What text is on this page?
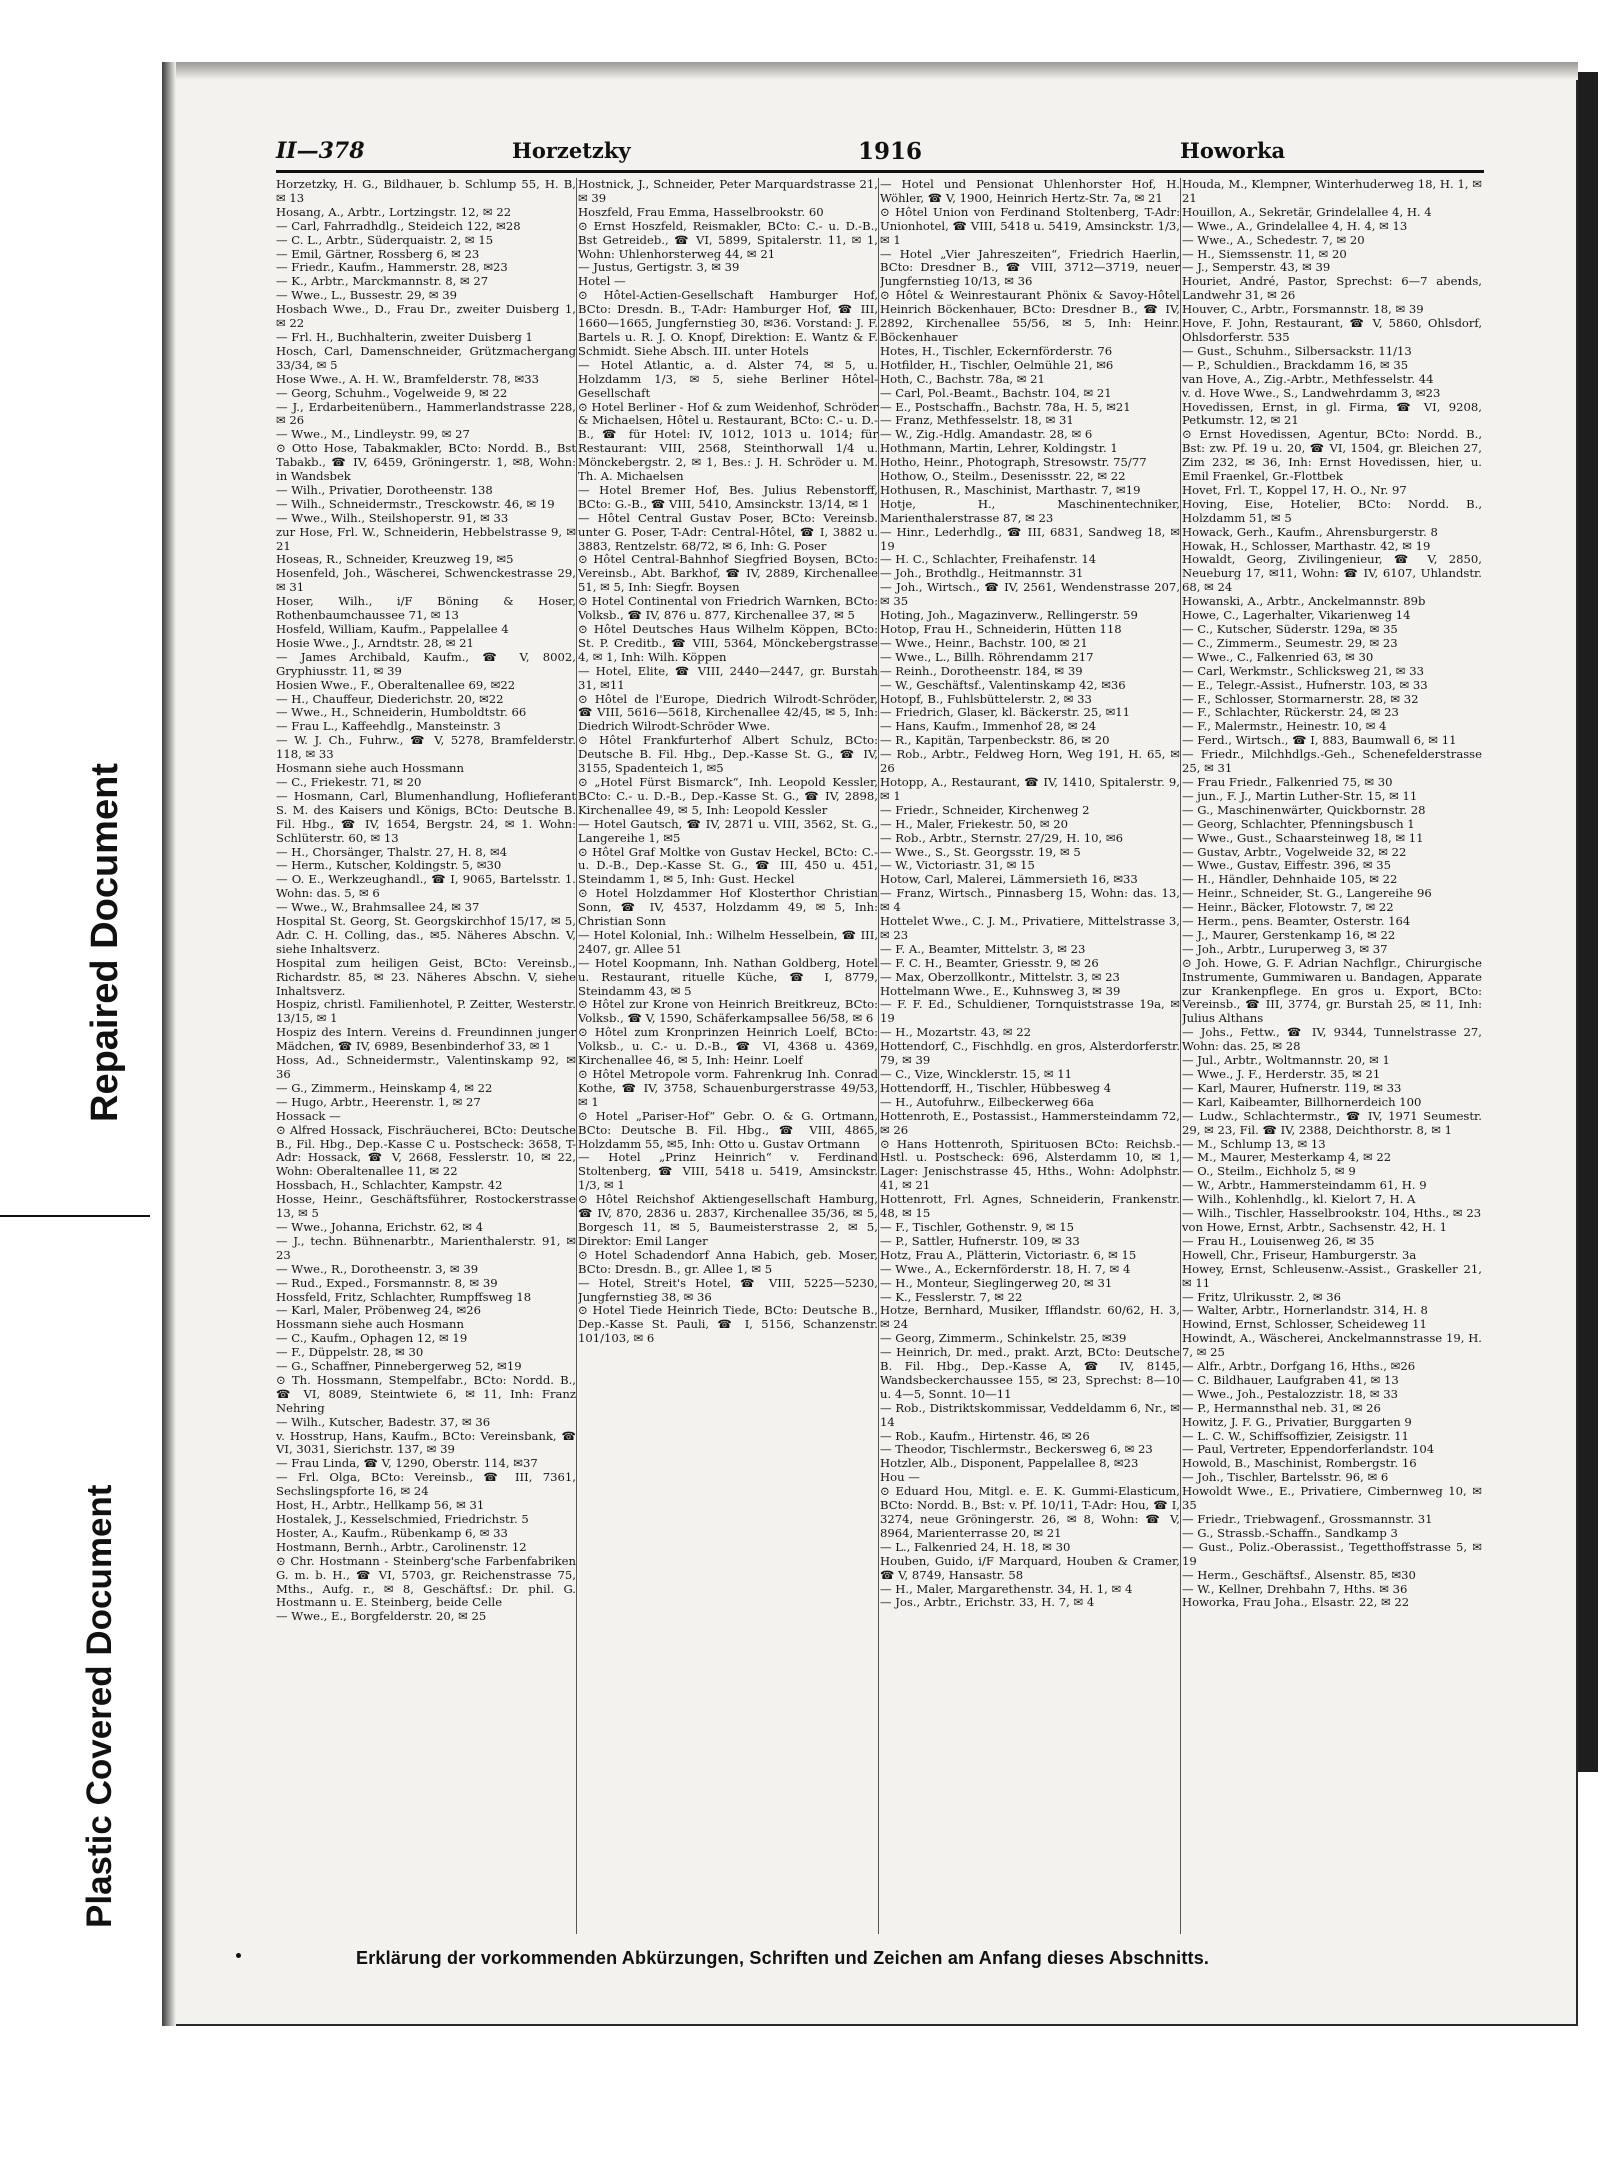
Repaired Document
Plastic Covered Document
II—378	Horzetzky	1916	Howorka
Horzetzky, H. G., Bildhauer, b. Schlump 55, H. B, ✉ 13
Hosang, A., Arbtr., Lortzingstr. 12, ✉ 22
— Carl, Fahrradhdlg., Steideich 122, ✉28
— C. L., Arbtr., Süderquaistr. 2, ✉ 15
— Emil, Gärtner, Rossberg 6, ✉ 23
— Friedr., Kaufm., Hammerstr. 28, ✉23
— K., Arbtr., Marckmannstr. 8, ✉ 27
— Wwe., L., Bussestr. 29, ✉ 39
Hosbach Wwe., D., Frau Dr., zweiter Duisberg 1, ✉ 22
— Frl. H., Buchhalterin, zweiter Duisberg 1
Hosch, Carl, Damenschneider, Grützmachergang 33/34, ✉ 5
Hose Wwe., A. H. W., Bramfelderstr. 78, ✉33
— Georg, Schuhm., Vogelweide 9, ✉ 22
— J., Erdarbeitenübern., Hammerlandstrasse 228, ✉ 26
— Wwe., M., Lindleystr. 99, ✉ 27
⊙ Otto Hose, Tabakmakler, BCto: Nordd. B., Bst Tabakb., ☎ IV, 6459, Gröningerstr. 1, ✉8, Wohn: in Wandsbek
— Wilh., Privatier, Dorotheenstr. 138
— Wilh., Schneidermstr., Tresckowstr. 46, ✉ 19
— Wwe., Wilh., Steilshoperstr. 91, ✉ 33
zur Hose, Frl. W., Schneiderin, Hebbelstrasse 9, ✉ 21
Hoseas, R., Schneider, Kreuzweg 19, ✉5
Hosenfeld, Joh., Wäscherei, Schwenckestrasse 29, ✉ 31
Hoser, Wilh., i/F Böning & Hoser, Rothenbaumchaussee 71, ✉ 13
Hosfeld, William, Kaufm., Pappelallee 4
Hosie Wwe., J., Arndtstr. 28, ✉ 21
— James Archibald, Kaufm., ☎ V, 8002, Gryphiusstr. 11, ✉ 39
Hosien Wwe., F., Oberaltenallee 69, ✉22
— H., Chauffeur, Diederichstr. 20, ✉22
— Wwe., H., Schneiderin, Humboldtstr. 66
— Frau L., Kaffeehdlg., Mansteinstr. 3
— W. J. Ch., Fuhrw., ☎ V, 5278, Bramfelderstr. 118, ✉ 33
Hosmann siehe auch Hossmann
— C., Friekestr. 71, ✉ 20
— Hosmann, Carl, Blumenhandlung, Hoflieferant S. M. des Kaisers und Königs, BCto: Deutsche B. Fil. Hbg., ☎ IV, 1654, Bergstr. 24, ✉ 1. Wohn: Schlüterstr. 60, ✉ 13
— H., Chorsänger, Thalstr. 27, H. 8, ✉4
— Herm., Kutscher, Koldingstr. 5, ✉30
— O. E., Werkzeughandl., ☎ I, 9065, Bartelsstr. 1. Wohn: das. 5, ✉ 6
— Wwe., W., Brahmsallee 24, ✉ 37
Hospital St. Georg, St. Georgskirchhof 15/17, ✉ 5, Adr. C. H. Colling, das., ✉5. Näheres Abschn. V, siehe Inhaltsverz.
Hospital zum heiligen Geist, BCto: Vereinsb., Richardstr. 85, ✉ 23. Näheres Abschn. V, siehe Inhaltsverz.
Hospiz, christl. Familienhotel, P. Zeitter, Westerstr. 13/15, ✉ 1
Hospiz des Intern. Vereins d. Freundinnen junger Mädchen, ☎ IV, 6989, Besenbinderhof 33, ✉ 1
Hoss, Ad., Schneidermstr., Valentinskamp 92, ✉ 36
— G., Zimmerm., Heinskamp 4, ✉ 22
— Hugo, Arbtr., Heerenstr. 1, ✉ 27
Hossack —
⊙ Alfred Hossack, Fischräucherei, BCto: Deutsche B., Fil. Hbg., Dep.-Kasse C u. Postscheck: 3658, T-Adr: Hossack, ☎ V, 2668, Fesslerstr. 10, ✉ 22, Wohn: Oberaltenallee 11, ✉ 22
Hossbach, H., Schlachter, Kampstr. 42
Hosse, Heinr., Geschäftsführer, Rostockerstrasse 13, ✉ 5
— Wwe., Johanna, Erichstr. 62, ✉ 4
— J., techn. Bühnenarbtr., Marienthalerstr. 91, ✉ 23
— Wwe., R., Dorotheenstr. 3, ✉ 39
— Rud., Exped., Forsmannstr. 8, ✉ 39
Hossfeld, Fritz, Schlachter, Rumpffsweg 18
— Karl, Maler, Pröbenweg 24, ✉26
Hossmann siehe auch Hosmann
— C., Kaufm., Ophagen 12, ✉ 19
— F., Düppelstr. 28, ✉ 30
— G., Schaffner, Pinnebergerweg 52, ✉19
⊙ Th. Hossmann, Stempelfabr., BCto: Nordd. B., ☎ VI, 8089, Steintwiete 6, ✉ 11, Inh: Franz Nehring
— Wilh., Kutscher, Badestr. 37, ✉ 36
v. Hosstrup, Hans, Kaufm., BCto: Vereinsbank, ☎ VI, 3031, Sierichstr. 137, ✉ 39
— Frau Linda, ☎ V, 1290, Oberstr. 114, ✉37
— Frl. Olga, BCto: Vereinsb., ☎ III, 7361, Sechslingspforte 16, ✉ 24
Host, H., Arbtr., Hellkamp 56, ✉ 31
Hostalek, J., Kesselschmied, Friedrichstr. 5
Hoster, A., Kaufm., Rübenkamp 6, ✉ 33
Hostmann, Bernh., Arbtr., Carolinenstr. 12
⊙ Chr. Hostmann - Steinberg'sche Farbenfabriken G. m. b. H., ☎ VI, 5703, gr. Reichenstrasse 75, Mths., Aufg. r., ✉ 8, Geschäftsf.: Dr. phil. G. Hostmann u. E. Steinberg, beide Celle
— Wwe., E., Borgfelderstr. 20, ✉ 25
Hostnick, J., Schneider, Peter Marquardstrasse 21, ✉ 39
Hoszfeld, Frau Emma, Hasselbrookstr. 60
⊙ Ernst Hoszfeld, Reismakler, BCto: C.- u. D.-B., Bst Getreideb., ☎ VI, 5899, Spitalerstr. 11, ✉ 1, Wohn: Uhlenhorsterweg 44, ✉ 21
— Justus, Gertigstr. 3, ✉ 39
Hotel —
⊙ Hôtel-Actien-Gesellschaft Hamburger Hof, BCto: Dresdn. B., T-Adr: Hamburger Hof, ☎ III, 1660—1665, Jungfernstieg 30, ✉36. Vorstand: J. F. Bartels u. R. J. O. Knopf, Direktion: E. Wantz & F. Schmidt. Siehe Absch. III. unter Hotels
— Hotel Atlantic, a. d. Alster 74, ✉ 5, u. Holzdamm 1/3, ✉ 5, siehe Berliner Hôtel-Gesellschaft
⊙ Hotel Berliner - Hof & zum Weidenhof, Schröder & Michaelsen, Hôtel u. Restaurant, BCto: C.- u. D.-B., ☎ für Hotel: IV, 1012, 1013 u. 1014; für Restaurant: VIII, 2568, Steinthorwall 1/4 u. Mönckebergstr. 2, ✉ 1, Bes.: J. H. Schröder u. M. Th. A. Michaelsen
— Hotel Bremer Hof, Bes. Julius Rebenstorff, BCto: G.-B., ☎ VIII, 5410, Amsinckstr. 13/14, ✉ 1
— Hôtel Central Gustav Poser, BCto: Vereinsb. unter G. Poser, T-Adr: Central-Hôtel, ☎ I, 3882 u. 3883, Rentzelstr. 68/72, ✉ 6, Inh: G. Poser
⊙ Hôtel Central-Bahnhof Siegfried Boysen, BCto: Vereinsb., Abt. Barkhof, ☎ IV, 2889, Kirchenallee 51, ✉ 5, Inh: Siegfr. Boysen
⊙ Hotel Continental von Friedrich Warnken, BCto: Volksb., ☎ IV, 876 u. 877, Kirchenallee 37, ✉ 5
⊙ Hôtel Deutsches Haus Wilhelm Köppen, BCto: St. P. Creditb., ☎ VIII, 5364, Mönckebergstrasse 4, ✉ 1, Inh: Wilh. Köppen
— Hotel, Elite, ☎ VIII, 2440—2447, gr. Burstah 31, ✉11
⊙ Hôtel de l'Europe, Diedrich Wilrodt-Schröder, ☎ VIII, 5616—5618, Kirchenallee 42/45, ✉ 5, Inh: Diedrich Wilrodt-Schröder Wwe.
⊙ Hôtel Frankfurterhof Albert Schulz, BCto: Deutsche B. Fil. Hbg., Dep.-Kasse St. G., ☎ IV, 3155, Spadenteich 1, ✉5
⊙ „Hotel Fürst Bismarck“, Inh. Leopold Kessler, BCto: C.- u. D.-B., Dep.-Kasse St. G., ☎ IV, 2898, Kirchenallee 49, ✉ 5, Inh: Leopold Kessler
— Hotel Gautsch, ☎ IV, 2871 u. VIII, 3562, St. G., Langereihe 1, ✉5
⊙ Hôtel Graf Moltke von Gustav Heckel, BCto: C.- u. D.-B., Dep.-Kasse St. G., ☎ III, 450 u. 451, Steindamm 1, ✉ 5, Inh: Gust. Heckel
⊙ Hotel Holzdammer Hof Klosterthor Christian Sonn, ☎ IV, 4537, Holzdamm 49, ✉ 5, Inh: Christian Sonn
— Hotel Kolonial, Inh.: Wilhelm Hesselbein, ☎ III, 2407, gr. Allee 51
— Hotel Koopmann, Inh. Nathan Goldberg, Hotel u. Restaurant, rituelle Küche, ☎ I, 8779, Steindamm 43, ✉ 5
⊙ Hôtel zur Krone von Heinrich Breitkreuz, BCto: Volksb., ☎ V, 1590, Schäferkampsallee 56/58, ✉ 6
⊙ Hôtel zum Kronprinzen Heinrich Loelf, BCto: Volksb., u. C.- u. D.-B., ☎ VI, 4368 u. 4369, Kirchenallee 46, ✉ 5, Inh: Heinr. Loelf
⊙ Hôtel Metropole vorm. Fahrenkrug Inh. Conrad Kothe, ☎ IV, 3758, Schauenburgerstrasse 49/53, ✉ 1
⊙ Hotel „Pariser-Hof“ Gebr. O. & G. Ortmann, BCto: Deutsche B. Fil. Hbg., ☎ VIII, 4865, Holzdamm 55, ✉5, Inh: Otto u. Gustav Ortmann
— Hotel „Prinz Heinrich“ v. Ferdinand Stoltenberg, ☎ VIII, 5418 u. 5419, Amsinckstr. 1/3, ✉ 1
⊙ Hôtel Reichshof Aktiengesellschaft Hamburg, ☎ IV, 870, 2836 u. 2837, Kirchenallee 35/36, ✉ 5, Borgesch 11, ✉ 5, Baumeisterstrasse 2, ✉ 5, Direktor: Emil Langer
⊙ Hotel Schadendorf Anna Habich, geb. Moser, BCto: Dresdn. B., gr. Allee 1, ✉ 5
— Hotel, Streit's Hotel, ☎ VIII, 5225—5230, Jungfernstieg 38, ✉ 36
⊙ Hotel Tiede Heinrich Tiede, BCto: Deutsche B., Dep.-Kasse St. Pauli, ☎ I, 5156, Schanzenstr. 101/103, ✉ 6
— Hotel und Pensionat Uhlenhorster Hof, H. Wöhler, ☎ V, 1900, Heinrich Hertz-Str. 7a, ✉ 21
⊙ Hôtel Union von Ferdinand Stoltenberg, T-Adr: Unionhotel, ☎ VIII, 5418 u. 5419, Amsinckstr. 1/3, ✉ 1
— Hotel „Vier Jahreszeiten“, Friedrich Haerlin, BCto: Dresdner B., ☎ VIII, 3712—3719, neuer Jungfernstieg 10/13, ✉ 36
⊙ Hôtel & Weinrestaurant Phönix & Savoy-Hôtel Heinrich Böckenhauer, BCto: Dresdner B., ☎ IV, 2892, Kirchenallee 55/56, ✉ 5, Inh: Heinr. Böckenhauer
Hotes, H., Tischler, Eckernförderstr. 76
Hotfilder, H., Tischler, Oelmühle 21, ✉6
Hoth, C., Bachstr. 78a, ✉ 21
— Carl, Pol.-Beamt., Bachstr. 104, ✉ 21
— E., Postschaffn., Bachstr. 78a, H. 5, ✉21
— Franz, Methfesselstr. 18, ✉ 31
— W., Zig.-Hdlg. Amandastr. 28, ✉ 6
Hothmann, Martin, Lehrer, Koldingstr. 1
Hotho, Heinr., Photograph, Stresowstr. 75/77
Hothow, O., Steilm., Desenissstr. 22, ✉ 22
Hothusen, R., Maschinist, Marthastr. 7, ✉19
Hotje, H., Maschinentechniker, Marienthalerstrasse 87, ✉ 23
— Hinr., Lederhdlg., ☎ III, 6831, Sandweg 18, ✉ 19
— H. C., Schlachter, Freihafenstr. 14
— Joh., Brothdlg., Heitmannstr. 31
— Joh., Wirtsch., ☎ IV, 2561, Wendenstrasse 207, ✉ 35
Hoting, Joh., Magazinverw., Rellingerstr. 59
Hotop, Frau H., Schneiderin, Hütten 118
— Wwe., Heinr., Bachstr. 100, ✉ 21
— Wwe., L., Billh. Röhrendamm 217
— Reinh., Dorotheenstr. 184, ✉ 39
— W., Geschäftsf., Valentinskamp 42, ✉36
Hotopf, B., Fuhlsbüttelerstr. 2, ✉ 33
— Friedrich, Glaser, kl. Bäckerstr. 25, ✉11
— Hans, Kaufm., Immenhof 28, ✉ 24
— R., Kapitän, Tarpenbeckstr. 86, ✉ 20
— Rob., Arbtr., Feldweg Horn, Weg 191, H. 65, ✉ 26
Hotopp, A., Restaurant, ☎ IV, 1410, Spitalerstr. 9, ✉ 1
— Friedr., Schneider, Kirchenweg 2
— H., Maler, Friekestr. 50, ✉ 20
— Rob., Arbtr., Sternstr. 27/29, H. 10, ✉6
— Wwe., S., St. Georgsstr. 19, ✉ 5
— W., Victoriastr. 31, ✉ 15
Hotow, Carl, Malerei, Lämmersieth 16, ✉33
— Franz, Wirtsch., Pinnasberg 15, Wohn: das. 13, ✉ 4
Hottelet Wwe., C. J. M., Privatiere, Mittelstrasse 3, ✉ 23
— F. A., Beamter, Mittelstr. 3, ✉ 23
— F. C. H., Beamter, Griesstr. 9, ✉ 26
— Max, Oberzollkontr., Mittelstr. 3, ✉ 23
Hottelmann Wwe., E., Kuhnsweg 3, ✉ 39
— F. F. Ed., Schuldiener, Tornquiststrasse 19a, ✉ 19
— H., Mozartstr. 43, ✉ 22
Hottendorf, C., Fischhdlg. en gros, Alsterdorferstr. 79, ✉ 39
— C., Vize, Wincklerstr. 15, ✉ 11
Hottendorff, H., Tischler, Hübbesweg 4
— H., Autofuhrw., Eilbeckerweg 66a
Hottenroth, E., Postassist., Hammersteindamm 72, ✉ 26
⊙ Hans Hottenroth, Spirituosen BCto: Reichsb.-Hstl. u. Postscheck: 696, Alsterdamm 10, ✉ 1, Lager: Jenischstrasse 45, Hths., Wohn: Adolphstr. 41, ✉ 21
Hottenrott, Frl. Agnes, Schneiderin, Frankenstr. 48, ✉ 15
— F., Tischler, Gothenstr. 9, ✉ 15
— P., Sattler, Hufnerstr. 109, ✉ 33
Hotz, Frau A., Plätterin, Victoriastr. 6, ✉ 15
— Wwe., A., Eckernförderstr. 18, H. 7, ✉ 4
— H., Monteur, Sieglingerweg 20, ✉ 31
— K., Fesslerstr. 7, ✉ 22
Hotze, Bernhard, Musiker, Ifflandstr. 60/62, H. 3, ✉ 24
— Georg, Zimmerm., Schinkelstr. 25, ✉39
— Heinrich, Dr. med., prakt. Arzt, BCto: Deutsche B. Fil. Hbg., Dep.-Kasse A, ☎ IV, 8145, Wandsbeckerchaussee 155, ✉ 23, Sprechst: 8—10 u. 4—5, Sonnt. 10—11
— Rob., Distriktskommissar, Veddeldamm 6, Nr., ✉ 14
— Rob., Kaufm., Hirtenstr. 46, ✉ 26
— Theodor, Tischlermstr., Beckersweg 6, ✉ 23
Hotzler, Alb., Disponent, Pappelallee 8, ✉23
Hou —
⊙ Eduard Hou, Mitgl. e. E. K. Gummi-Elasticum, BCto: Nordd. B., Bst: v. Pf. 10/11, T-Adr: Hou, ☎ I, 3274, neue Gröningerstr. 26, ✉ 8, Wohn: ☎ V, 8964, Marienterrasse 20, ✉ 21
— L., Falkenried 24, H. 18, ✉ 30
Houben, Guido, i/F Marquard, Houben & Cramer, ☎ V, 8749, Hansastr. 58
— H., Maler, Margarethenstr. 34, H. 1, ✉ 4
— Jos., Arbtr., Erichstr. 33, H. 7, ✉ 4
Houda, M., Klempner, Winterhuderweg 18, H. 1, ✉ 21
Houillon, A., Sekretär, Grindelallee 4, H. 4
— Wwe., A., Grindelallee 4, H. 4, ✉ 13
— Wwe., A., Schedestr. 7, ✉ 20
— H., Siemssenstr. 11, ✉ 20
— J., Semperstr. 43, ✉ 39
Houriet, André, Pastor, Sprechst: 6—7 abends, Landwehr 31, ✉ 26
Houver, C., Arbtr., Forsmannstr. 18, ✉ 39
Hove, F. John, Restaurant, ☎ V, 5860, Ohlsdorf, Ohlsdorferstr. 535
— Gust., Schuhm., Silbersackstr. 11/13
— P., Schuldien., Brackdamm 16, ✉ 35
van Hove, A., Zig.-Arbtr., Methfesselstr. 44
v. d. Hove Wwe., S., Landwehrdamm 3, ✉23
Hovedissen, Ernst, in gl. Firma, ☎ VI, 9208, Petkumstr. 12, ✉ 21
⊙ Ernst Hovedissen, Agentur, BCto: Nordd. B., Bst: zw. Pf. 19 u. 20, ☎ VI, 1504, gr. Bleichen 27, Zim 232, ✉ 36, Inh: Ernst Hovedissen, hier, u. Emil Fraenkel, Gr.-Flottbek
Hovet, Frl. T., Koppel 17, H. O., Nr. 97
Hoving, Eise, Hotelier, BCto: Nordd. B., Holzdamm 51, ✉ 5
Howack, Gerh., Kaufm., Ahrensburgerstr. 8
Howak, H., Schlosser, Marthastr. 42, ✉ 19
Howaldt, Georg, Zivilingenieur, ☎ V, 2850, Neueburg 17, ✉11, Wohn: ☎ IV, 6107, Uhlandstr. 68, ✉ 24
Howanski, A., Arbtr., Anckelmannstr. 89b
Howe, C., Lagerhalter, Vikarienweg 14
— C., Kutscher, Süderstr. 129a, ✉ 35
— C., Zimmerm., Seumestr. 29, ✉ 23
— Wwe., C., Falkenried 63, ✉ 30
— Carl, Werkmstr., Schlicksweg 21, ✉ 33
— E., Telegr.-Assist., Hufnerstr. 103, ✉ 33
— F., Schlosser, Stormarnerstr. 28, ✉ 32
— F., Schlachter, Rückerstr. 24, ✉ 23
— F., Malermstr., Heinestr. 10, ✉ 4
— Ferd., Wirtsch., ☎ I, 883, Baumwall 6, ✉ 11
— Friedr., Milchhdlgs.-Geh., Schenefelderstrasse 25, ✉ 31
— Frau Friedr., Falkenried 75, ✉ 30
— jun., F. J., Martin Luther-Str. 15, ✉ 11
— G., Maschinenwärter, Quickbornstr. 28
— Georg, Schlachter, Pfenningsbusch 1
— Wwe., Gust., Schaarsteinweg 18, ✉ 11
— Gustav, Arbtr., Vogelweide 32, ✉ 22
— Wwe., Gustav, Eiffestr. 396, ✉ 35
— H., Händler, Dehnhaide 105, ✉ 22
— Heinr., Schneider, St. G., Langereihe 96
— Heinr., Bäcker, Flotowstr. 7, ✉ 22
— Herm., pens. Beamter, Osterstr. 164
— J., Maurer, Gerstenkamp 16, ✉ 22
— Joh., Arbtr., Luruperweg 3, ✉ 37
⊙ Joh. Howe, G. F. Adrian Nachflgr., Chirurgische Instrumente, Gummiwaren u. Bandagen, Apparate zur Krankenpflege. En gros u. Export, BCto: Vereinsb., ☎ III, 3774, gr. Burstah 25, ✉ 11, Inh: Julius Althans
— Johs., Fettw., ☎ IV, 9344, Tunnelstrasse 27, Wohn: das. 25, ✉ 28
— Jul., Arbtr., Woltmannstr. 20, ✉ 1
— Wwe., J. F., Herderstr. 35, ✉ 21
— Karl, Maurer, Hufnerstr. 119, ✉ 33
— Karl, Kaibeamter, Billhornerdeich 100
— Ludw., Schlachtermstr., ☎ IV, 1971 Seumestr. 29, ✉ 23, Fil. ☎ IV, 2388, Deichthorstr. 8, ✉ 1
— M., Schlump 13, ✉ 13
— M., Maurer, Mesterkamp 4, ✉ 22
— O., Steilm., Eichholz 5, ✉ 9
— W., Arbtr., Hammersteindamm 61, H. 9
— Wilh., Kohlenhdlg., kl. Kielort 7, H. A
— Wilh., Tischler, Hasselbrookstr. 104, Hths., ✉ 23
von Howe, Ernst, Arbtr., Sachsenstr. 42, H. 1
— Frau H., Louisenweg 26, ✉ 35
Howell, Chr., Friseur, Hamburgerstr. 3a
Howey, Ernst, Schleusenw.-Assist., Graskeller 21, ✉ 11
— Fritz, Ulrikusstr. 2, ✉ 36
— Walter, Arbtr., Hornerlandstr. 314, H. 8
Howind, Ernst, Schlosser, Scheideweg 11
Howindt, A., Wäscherei, Anckelmannstrasse 19, H. 7, ✉ 25
— Alfr., Arbtr., Dorfgang 16, Hths., ✉26
— C. Bildhauer, Laufgraben 41, ✉ 13
— Wwe., Joh., Pestalozzistr. 18, ✉ 33
— P., Hermannsthal neb. 31, ✉ 26
Howitz, J. F. G., Privatier, Burggarten 9
— L. C. W., Schiffsoffizier, Zeisigstr. 11
— Paul, Vertreter, Eppendorferlandstr. 104
Howold, B., Maschinist, Rombergstr. 16
— Joh., Tischler, Bartelsstr. 96, ✉ 6
Howoldt Wwe., E., Privatiere, Cimbernweg 10, ✉ 35
— Friedr., Triebwagenf., Grossmannstr. 31
— G., Strassb.-Schaffn., Sandkamp 3
— Gust., Poliz.-Oberassist., Tegetthoffstrasse 5, ✉ 19
— Herm., Geschäftsf., Alsenstr. 85, ✉30
— W., Kellner, Drehbahn 7, Hths. ✉ 36
Howorka, Frau Joha., Elsastr. 22, ✉ 22
Erklärung der vorkommenden Abkürzungen, Schriften und Zeichen am Anfang dieses Abschnitts.
